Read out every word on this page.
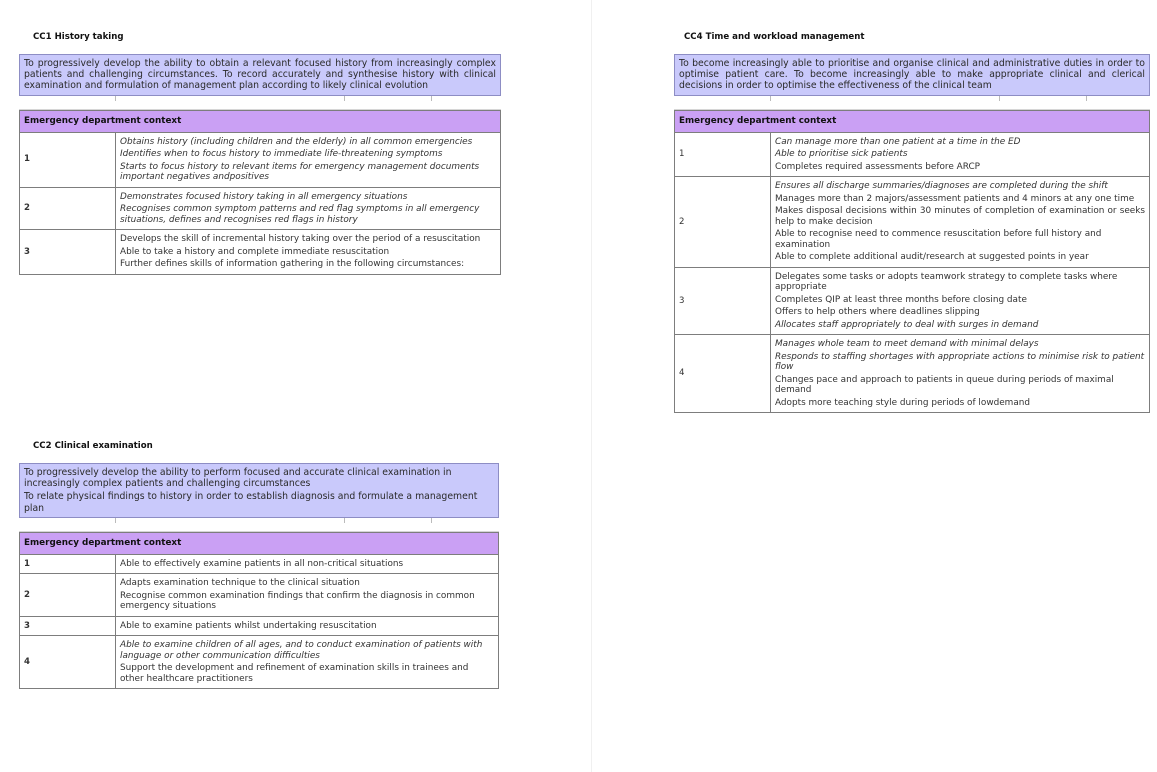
CC1 History taking

To progressively develop the ability to obtain a relevant focused history from increasingly complex patients and challenging circumstances. To record accurately and synthesise history with clinical examination and formulation of management plan according to likely clinical evolution

Emergency department context	
1	Obtains history (including children and the elderly) in all common emergencies
Identifies when to focus history to immediate life-threatening symptoms
Starts to focus history to relevant items for emergency management documents important negatives andpositives

2	Demonstrates focused history taking in all emergency situations
Recognises common symptom patterns and red flag symptoms in all emergency situations, defines and recognises red flags in history

3	Develops the skill of incremental history taking over the period of a resuscitation
Able to take a history and complete immediate resuscitation
Further defines skills of information gathering in the following circumstances:
CC2 Clinical examination

To progressively develop the ability to perform focused and accurate clinical examination in increasingly complex patients and challenging circumstances

To relate physical findings to history in order to establish diagnosis and formulate a management plan

Emergency department context	
1	Able to effectively examine patients in all non-critical situations

2	Adapts examination technique to the clinical situation
Recognise common examination findings that confirm the diagnosis in common emergency situations

3	Able to examine patients whilst undertaking resuscitation

4	Able to examine children of all ages, and to conduct examination of patients with language or other communication difficulties
Support the development and refinement of examination skills in trainees and other healthcare practitioners
CC4 Time and workload management

To become increasingly able to prioritise and organise clinical and administrative duties in order to optimise patient care. To become increasingly able to make appropriate clinical and clerical decisions in order to optimise the effectiveness of the clinical team

Emergency department context	
1	Can manage more than one patient at a time in the ED
Able to prioritise sick patients
Completes required assessments before ARCP

2	Ensures all discharge summaries/diagnoses are completed during the shift
Manages more than 2 majors/assessment patients and 4 minors at any one time
Makes disposal decisions within 30 minutes of completion of examination or seeks help to make decision
Able to recognise need to commence resuscitation before full history and examination
Able to complete additional audit/research at suggested points in year

3	Delegates some tasks or adopts teamwork strategy to complete tasks where appropriate
Completes QIP at least three months before closing date
Offers to help others where deadlines slipping
Allocates staff appropriately to deal with surges in demand

4	Manages whole team to meet demand with minimal delays
Responds to staffing shortages with appropriate actions to minimise risk to patient flow
Changes pace and approach to patients in queue during periods of maximal demand
Adopts more teaching style during periods of lowdemand
